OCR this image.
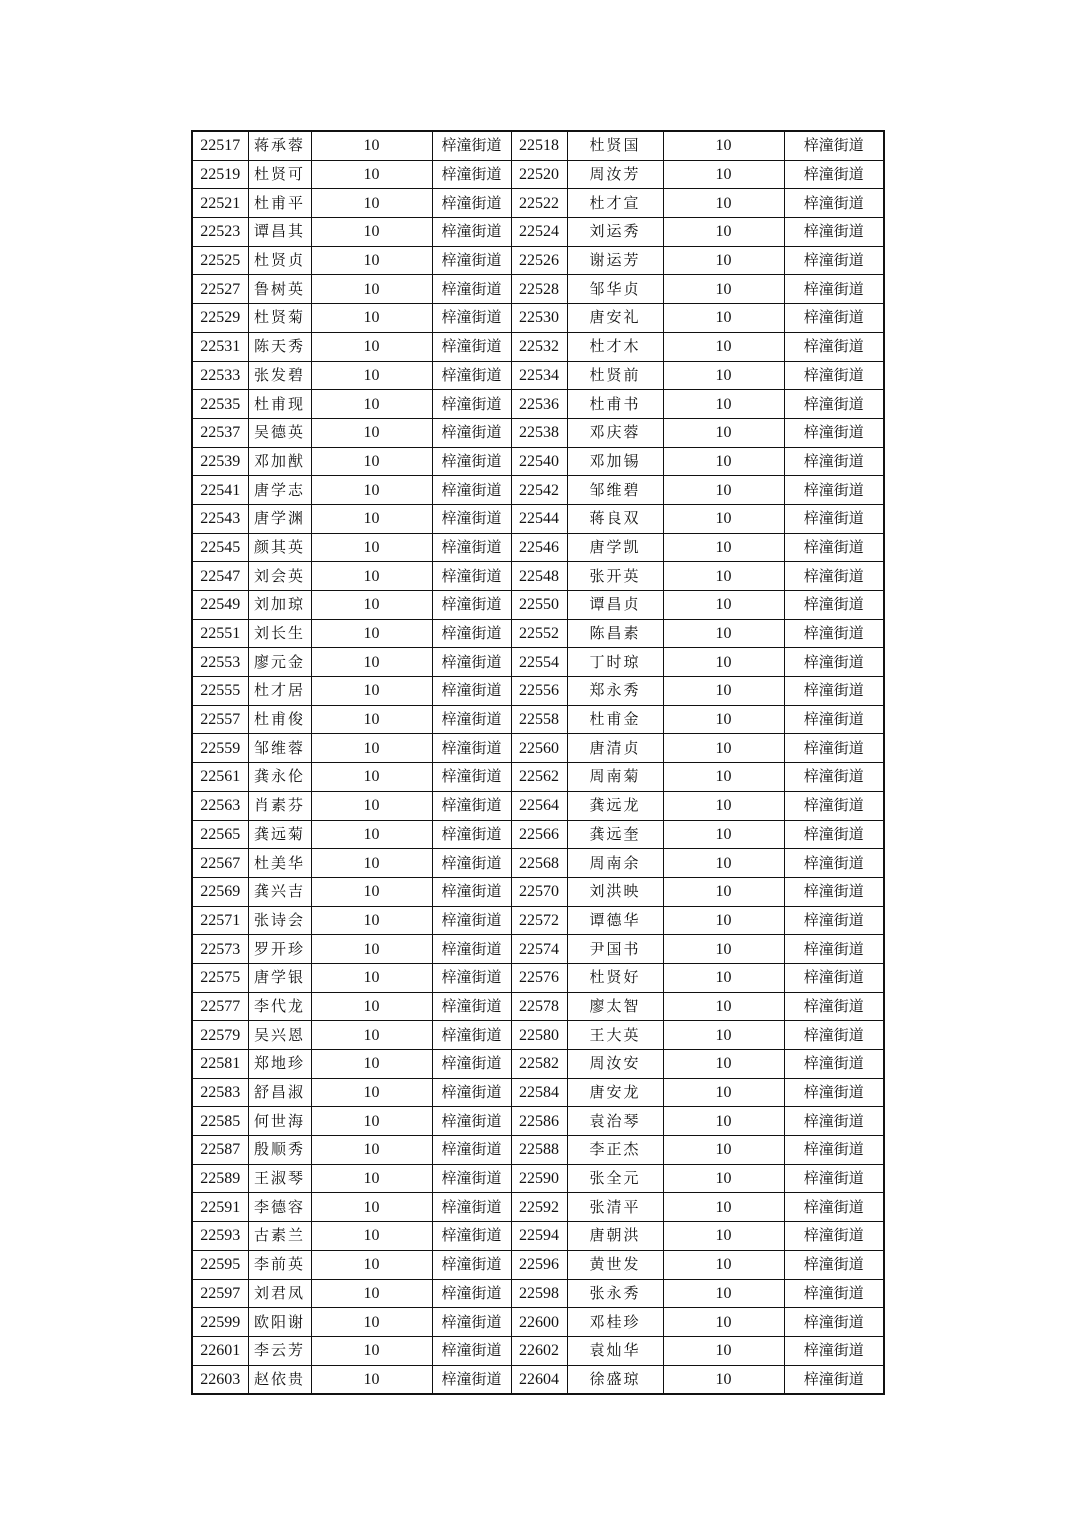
22517	蒋承蓉	10	梓潼街道	22518	杜贤国	10	梓潼街道
22519	杜贤可	10	梓潼街道	22520	周汝芳	10	梓潼街道
22521	杜甫平	10	梓潼街道	22522	杜才宣	10	梓潼街道
22523	谭昌其	10	梓潼街道	22524	刘运秀	10	梓潼街道
22525	杜贤贞	10	梓潼街道	22526	谢运芳	10	梓潼街道
22527	鲁树英	10	梓潼街道	22528	邹华贞	10	梓潼街道
22529	杜贤菊	10	梓潼街道	22530	唐安礼	10	梓潼街道
22531	陈天秀	10	梓潼街道	22532	杜才木	10	梓潼街道
22533	张发碧	10	梓潼街道	22534	杜贤前	10	梓潼街道
22535	杜甫现	10	梓潼街道	22536	杜甫书	10	梓潼街道
22537	吴德英	10	梓潼街道	22538	邓庆蓉	10	梓潼街道
22539	邓加猷	10	梓潼街道	22540	邓加锡	10	梓潼街道
22541	唐学志	10	梓潼街道	22542	邹维碧	10	梓潼街道
22543	唐学渊	10	梓潼街道	22544	蒋良双	10	梓潼街道
22545	颜其英	10	梓潼街道	22546	唐学凯	10	梓潼街道
22547	刘会英	10	梓潼街道	22548	张开英	10	梓潼街道
22549	刘加琼	10	梓潼街道	22550	谭昌贞	10	梓潼街道
22551	刘长生	10	梓潼街道	22552	陈昌素	10	梓潼街道
22553	廖元金	10	梓潼街道	22554	丁时琼	10	梓潼街道
22555	杜才居	10	梓潼街道	22556	郑永秀	10	梓潼街道
22557	杜甫俊	10	梓潼街道	22558	杜甫金	10	梓潼街道
22559	邹维蓉	10	梓潼街道	22560	唐清贞	10	梓潼街道
22561	龚永伦	10	梓潼街道	22562	周南菊	10	梓潼街道
22563	肖素芬	10	梓潼街道	22564	龚远龙	10	梓潼街道
22565	龚远菊	10	梓潼街道	22566	龚远奎	10	梓潼街道
22567	杜美华	10	梓潼街道	22568	周南余	10	梓潼街道
22569	龚兴吉	10	梓潼街道	22570	刘洪映	10	梓潼街道
22571	张诗会	10	梓潼街道	22572	谭德华	10	梓潼街道
22573	罗开珍	10	梓潼街道	22574	尹国书	10	梓潼街道
22575	唐学银	10	梓潼街道	22576	杜贤好	10	梓潼街道
22577	李代龙	10	梓潼街道	22578	廖太智	10	梓潼街道
22579	吴兴恩	10	梓潼街道	22580	王大英	10	梓潼街道
22581	郑地珍	10	梓潼街道	22582	周汝安	10	梓潼街道
22583	舒昌淑	10	梓潼街道	22584	唐安龙	10	梓潼街道
22585	何世海	10	梓潼街道	22586	袁治琴	10	梓潼街道
22587	殷顺秀	10	梓潼街道	22588	李正杰	10	梓潼街道
22589	王淑琴	10	梓潼街道	22590	张全元	10	梓潼街道
22591	李德容	10	梓潼街道	22592	张清平	10	梓潼街道
22593	古素兰	10	梓潼街道	22594	唐朝洪	10	梓潼街道
22595	李前英	10	梓潼街道	22596	黄世发	10	梓潼街道
22597	刘君凤	10	梓潼街道	22598	张永秀	10	梓潼街道
22599	欧阳谢	10	梓潼街道	22600	邓桂珍	10	梓潼街道
22601	李云芳	10	梓潼街道	22602	袁灿华	10	梓潼街道
22603	赵依贵	10	梓潼街道	22604	徐盛琼	10	梓潼街道
